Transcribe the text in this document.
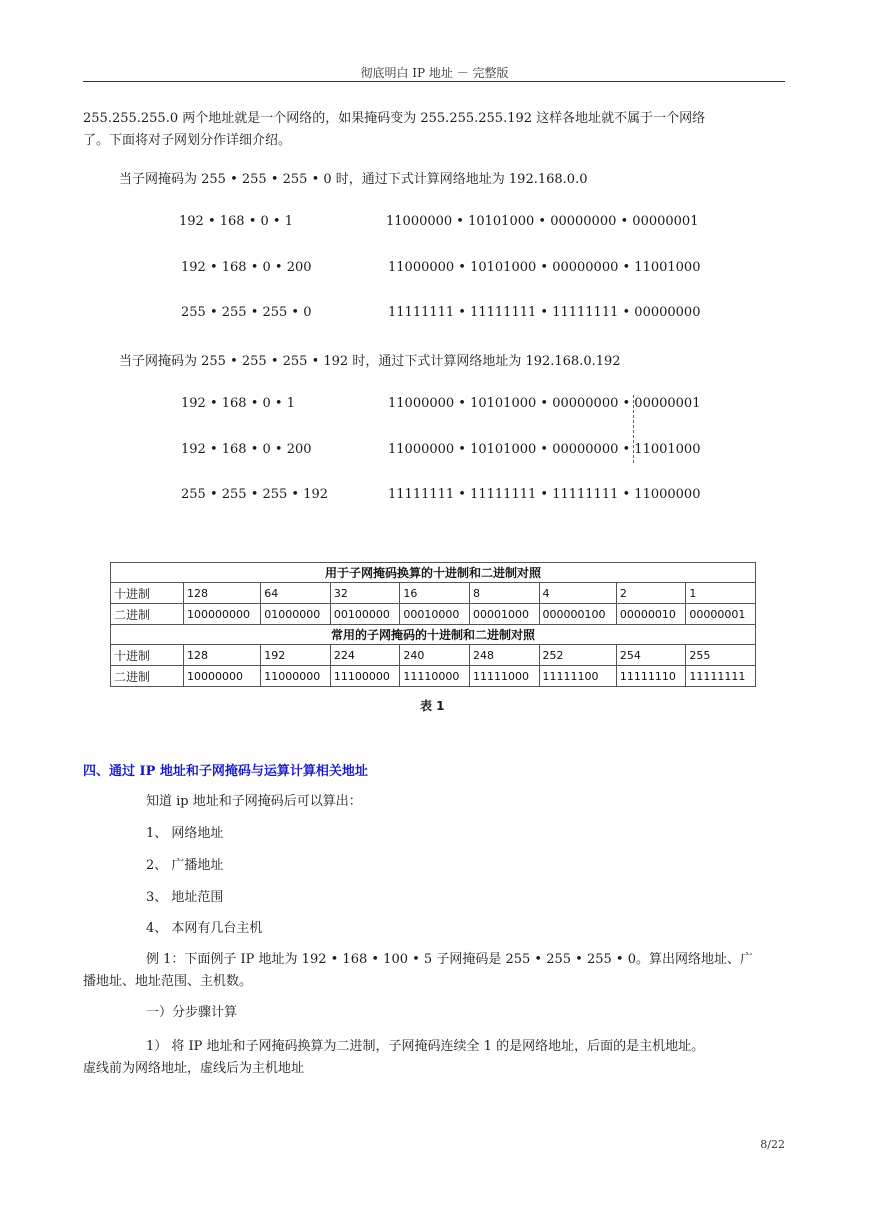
彻底明白 IP 地址 － 完整版
255.255.255.0 两个地址就是一个网络的，如果掩码变为 255.255.255.192 这样各地址就不属于一个网络
了。下面将对子网划分作详细介绍。
当子网掩码为 255 • 255 • 255 • 0 时，通过下式计算网络地址为 192.168.0.0
192 • 168 • 0 • 1	11000000 • 10101000 • 00000000 • 00000001
192 • 168 • 0 • 200	11000000 • 10101000 • 00000000 • 11001000
255 • 255 • 255 • 0	11111111 • 11111111 • 11111111 • 00000000
当子网掩码为 255 • 255 • 255 • 192 时，通过下式计算网络地址为 192.168.0.192
192 • 168 • 0 • 1	11000000 • 10101000 • 00000000 • 00000001
192 • 168 • 0 • 200	11000000 • 10101000 • 00000000 • 11001000
255 • 255 • 255 • 192	11111111 • 11111111 • 11111111 • 11000000
用于子网掩码换算的十进制和二进制对照								
十进制	128	64	32	16	8	4	2	1
二进制	100000000	01000000	00100000	00010000	00001000	000000100	00000010	00000001
常用的子网掩码的十进制和二进制对照								
十进制	128	192	224	240	248	252	254	255
二进制	10000000	11000000	11100000	11110000	11111000	11111100	11111110	11111111
表 1
四、通过 IP 地址和子网掩码与运算计算相关地址
知道 ip 地址和子网掩码后可以算出：
1、 网络地址
2、 广播地址
3、 地址范围
4、 本网有几台主机
例 1：下面例子 IP 地址为 192 • 168 • 100 • 5 子网掩码是 255 • 255 • 255 • 0。算出网络地址、广
播地址、地址范围、主机数。
一）分步骤计算
1） 将 IP 地址和子网掩码换算为二进制，子网掩码连续全 1 的是网络地址，后面的是主机地址。
虚线前为网络地址，虚线后为主机地址
8/22
